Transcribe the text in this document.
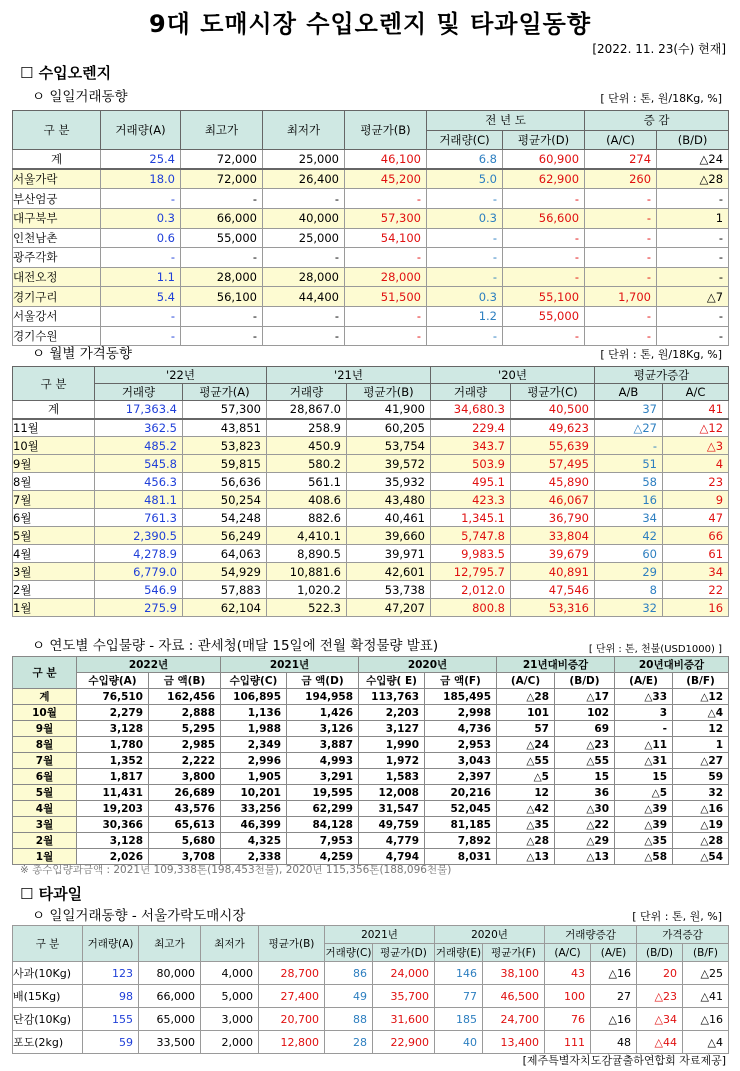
9대 도매시장 수입오렌지 및 타과일동향
[2022. 11. 23(수) 현재]
☐ 수입오렌지
ㅇ 일일거래동향	[ 단위 : 톤, 원/18Kg, %]
구 분	거래량(A)	최고가	최저가	평균가(B)	전 년 도		증 감	
					거래량(C)	평균가(D)	(A/C)	(B/D)
계	25.4	72,000	25,000	46,100	6.8	60,900	274	△24
서울가락	18.0	72,000	26,400	45,200	5.0	62,900	260	△28
부산엄궁	-	-	-	-	-	-	-	-
대구북부	0.3	66,000	40,000	57,300	0.3	56,600	-	1
인천남촌	0.6	55,000	25,000	54,100	-	-	-	-
광주각화	-	-	-	-	-	-	-	-
대전오정	1.1	28,000	28,000	28,000	-	-	-	-
경기구리	5.4	56,100	44,400	51,500	0.3	55,100	1,700	△7
서울강서	-	-	-	-	1.2	55,000	-	-
경기수원	-	-	-	-	-	-	-	-
ㅇ 월별 가격동향	[ 단위 : 톤, 원/18Kg, %]
구 분	'22년		'21년		'20년		평균가증감	
	거래량	평균가(A)	거래량	평균가(B)	거래량	평균가(C)	A/B	A/C
계	17,363.4	57,300	28,867.0	41,900	34,680.3	40,500	37	41
11월	362.5	43,851	258.9	60,205	229.4	49,623	△27	△12
10월	485.2	53,823	450.9	53,754	343.7	55,639	-	△3
9월	545.8	59,815	580.2	39,572	503.9	57,495	51	4
8월	456.3	56,636	561.1	35,932	495.1	45,890	58	23
7월	481.1	50,254	408.6	43,480	423.3	46,067	16	9
6월	761.3	54,248	882.6	40,461	1,345.1	36,790	34	47
5월	2,390.5	56,249	4,410.1	39,660	5,747.8	33,804	42	66
4월	4,278.9	64,063	8,890.5	39,971	9,983.5	39,679	60	61
3월	6,779.0	54,929	10,881.6	42,601	12,795.7	40,891	29	34
2월	546.9	57,883	1,020.2	53,738	2,012.0	47,546	8	22
1월	275.9	62,104	522.3	47,207	800.8	53,316	32	16
ㅇ 연도별 수입물량 - 자료 : 관세청(매달 15일에 전월 확정물량 발표)	[ 단위 : 톤, 천불(USD1000) ]
구 분	2022년		2021년		2020년		21년대비증감		20년대비증감	
	수입량(A)	금 액(B)	수입량(C)	금 액(D)	수입량( E)	금 액(F)	(A/C)	(B/D)	(A/E)	(B/F)
계	76,510	162,456	106,895	194,958	113,763	185,495	△28	△17	△33	△12
10월	2,279	2,888	1,136	1,426	2,203	2,998	101	102	3	△4
9월	3,128	5,295	1,988	3,126	3,127	4,736	57	69	-	12
8월	1,780	2,985	2,349	3,887	1,990	2,953	△24	△23	△11	1
7월	1,352	2,222	2,996	4,993	1,972	3,043	△55	△55	△31	△27
6월	1,817	3,800	1,905	3,291	1,583	2,397	△5	15	15	59
5월	11,431	26,689	10,201	19,595	12,008	20,216	12	36	△5	32
4월	19,203	43,576	33,256	62,299	31,547	52,045	△42	△30	△39	△16
3월	30,366	65,613	46,399	84,128	49,759	81,185	△35	△22	△39	△19
2월	3,128	5,680	4,325	7,953	4,779	7,892	△28	△29	△35	△28
1월	2,026	3,708	2,338	4,259	4,794	8,031	△13	△13	△58	△54
※ 총수입량과금액 : 2021년 109,338톤(198,453천불), 2020년 115,356톤(188,096천불)
☐ 타과일
ㅇ 일일거래동향 - 서울가락도매시장	[ 단위 : 톤, 원, %]
구 분	거래량(A)	최고가	최저가	평균가(B)	2021년		2020년		거래량증감		가격증감	
					거래량(C)	평균가(D)	거래량(E)	평균가(F)	(A/C)	(A/E)	(B/D)	(B/F)
사과(10Kg)	123	80,000	4,000	28,700	86	24,000	146	38,100	43	△16	20	△25
배(15Kg)	98	66,000	5,000	27,400	49	35,700	77	46,500	100	27	△23	△41
단감(10Kg)	155	65,000	3,000	20,700	88	31,600	185	24,700	76	△16	△34	△16
포도(2kg)	59	33,500	2,000	12,800	28	22,900	40	13,400	111	48	△44	△4
[제주특별자치도감귤출하연합회 자료제공]
